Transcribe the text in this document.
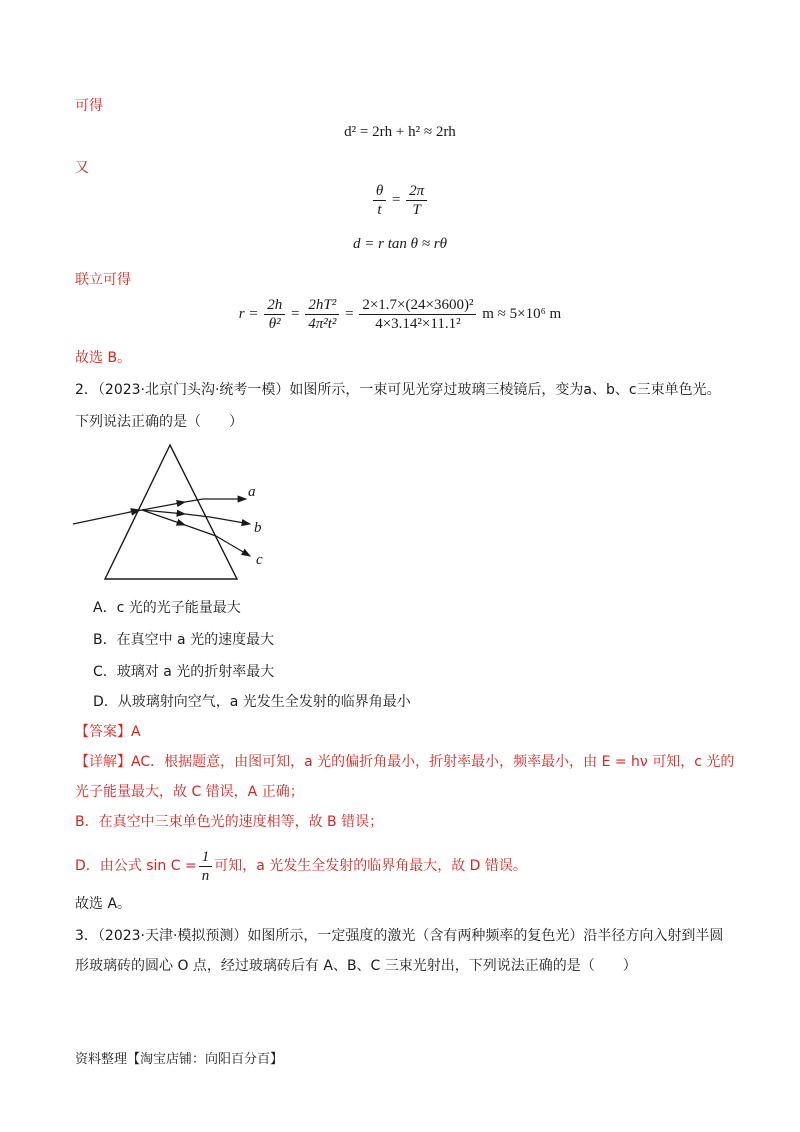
可得
d² = 2rh + h² ≈ 2rh
又
$\frac{\theta}{t} = \frac{2\pi}{T}$
d = r tan θ ≈ rθ
联立可得
$r = \frac{2h}{\text{θ²}} = \frac{\text{2hT²}}{\text{4π²t²}} = \frac{\text{2×1.7×(24×3600)²}}{\text{4×3.14²×11.1²}}$ m ≈ 5×10⁶ m
故选 B。
2．（2023·北京门头沟·统考一模）如图所示，一束可见光穿过玻璃三棱镜后，变为a、b、c三束单色光。
下列说法正确的是（　　）
a
b
c
A．c 光的光子能量最大
B．在真空中 a 光的速度最大
C．玻璃对 a 光的折射率最大
D．从玻璃射向空气，a 光发生全发射的临界角最小
【答案】A
【详解】AC．根据题意，由图可知，a 光的偏折角最小，折射率最小，频率最小，由 E = hν 可知，c 光的
光子能量最大，故 C 错误，A 正确；
B．在真空中三束单色光的速度相等，故 B 错误；
D．由公式 $\sin C = \frac{1}{n}$ 可知，a 光发生全发射的临界角最大，故 D 错误。
故选 A。
3．（2023·天津·模拟预测）如图所示，一定强度的激光（含有两种频率的复色光）沿半径方向入射到半圆
形玻璃砖的圆心 O 点，经过玻璃砖后有 A、B、C 三束光射出，下列说法正确的是（　　）
资料整理【淘宝店铺：向阳百分百】
